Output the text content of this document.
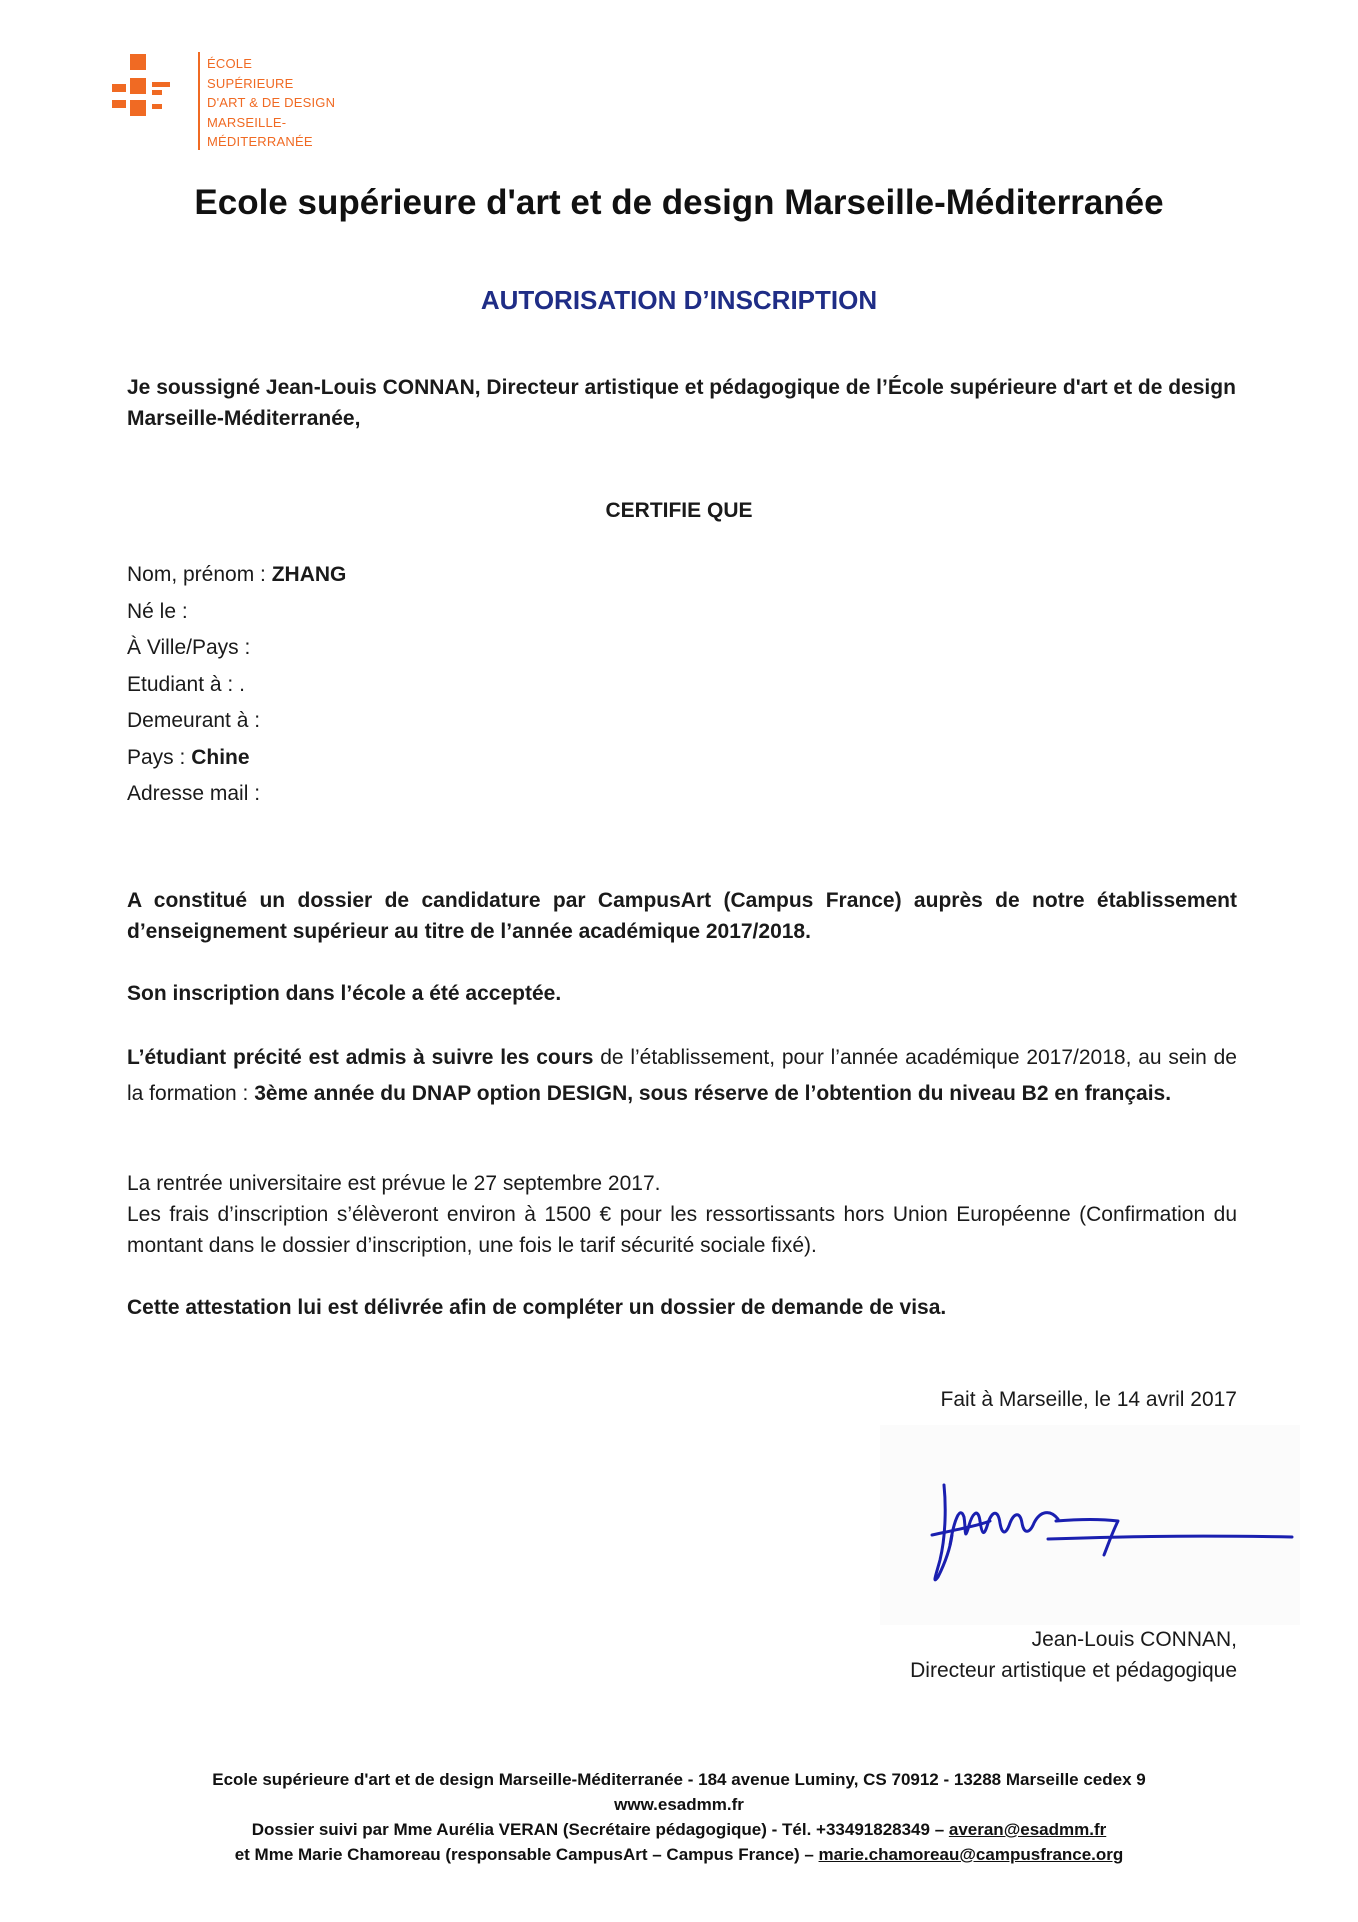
ÉCOLE
SUPÉRIEURE
D'ART & DE DESIGN
MARSEILLE-
MÉDITERRANÉE
Ecole supérieure d'art et de design Marseille-Méditerranée
AUTORISATION D’INSCRIPTION
Je soussigné Jean-Louis CONNAN, Directeur artistique et pédagogique de l’École supérieure d'art et de design Marseille-Méditerranée,
CERTIFIE QUE
Nom, prénom : ZHANG
Né le :
À Ville/Pays :
Etudiant à : .
Demeurant à :
Pays : Chine
Adresse mail :
A constitué un dossier de candidature par CampusArt (Campus France) auprès de notre établissement d’enseignement supérieur au titre de l’année académique 2017/2018.
Son inscription dans l’école a été acceptée.
L’étudiant précité est admis à suivre les cours de l’établissement, pour l’année académique 2017/2018, au sein de la formation : 3ème année du DNAP option DESIGN, sous réserve de l’obtention du niveau B2 en français.
La rentrée universitaire est prévue le 27 septembre 2017.
Les frais d’inscription s’élèveront environ à 1500 € pour les ressortissants hors Union Européenne (Confirmation du montant dans le dossier d’inscription, une fois le tarif sécurité sociale fixé).
Cette attestation lui est délivrée afin de compléter un dossier de demande de visa.
Fait à Marseille, le 14 avril 2017
Jean-Louis CONNAN,
Directeur artistique et pédagogique
Ecole supérieure d'art et de design Marseille-Méditerranée - 184 avenue Luminy, CS 70912 - 13288 Marseille cedex 9
www.esadmm.fr
Dossier suivi par Mme Aurélia VERAN (Secrétaire pédagogique) - Tél. +33491828349 – averan@esadmm.fr
et Mme Marie Chamoreau (responsable CampusArt – Campus France) – marie.chamoreau@campusfrance.org
